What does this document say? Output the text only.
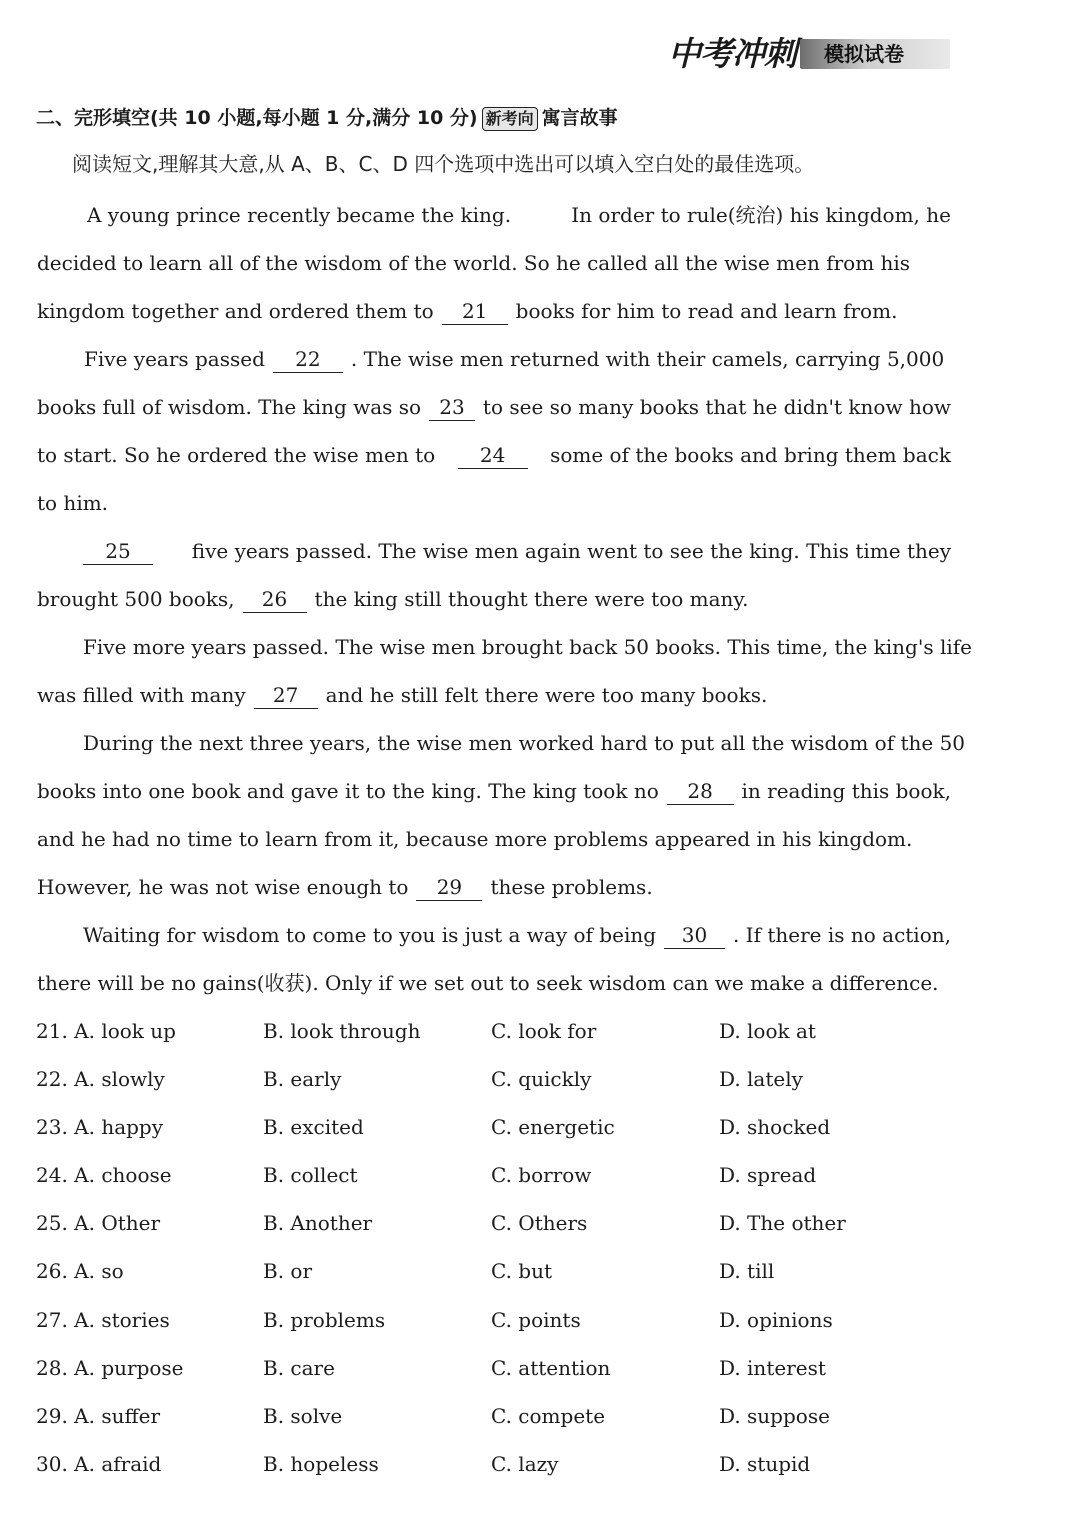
中考冲刺	模拟试卷
二、完形填空(共 10 小题,每小题 1 分,满分 10 分) 新考向 寓言故事
阅读短文,理解其大意,从 A、B、C、D 四个选项中选出可以填入空白处的最佳选项。
A young prince recently became the king.	In order to rule(统治) his kingdom, he
decided to learn all of the wisdom of the world. So he called all the wise men from his
kingdom together and ordered them to	21	books for him to read and learn from.
Five years passed	22	. The wise men returned with their camels, carrying 5,000
books full of wisdom. The king was so 23 to see so many books that he didn't know how
to start. So he ordered the wise men to	24	some of the books and bring them back
to him.
25	five years passed. The wise men again went to see the king. This time they
brought 500 books,	26	the king still thought there were too many.
Five more years passed. The wise men brought back 50 books. This time, the king's life
was filled with many	27	and he still felt there were too many books.
During the next three years, the wise men worked hard to put all the wisdom of the 50
books into one book and gave it to the king. The king took no	28	in reading this book,
and he had no time to learn from it, because more problems appeared in his kingdom.
However, he was not wise enough to	29	these problems.
Waiting for wisdom to come to you is just a way of being	30	. If there is no action,
there will be no gains(收获). Only if we set out to seek wisdom can we make a difference.
21. A. look up	B. look through	C. look for	D. look at
22. A. slowly	B. early	C. quickly	D. lately
23. A. happy	B. excited	C. energetic	D. shocked
24. A. choose	B. collect	C. borrow	D. spread
25. A. Other	B. Another	C. Others	D. The other
26. A. so	B. or	C. but	D. till
27. A. stories	B. problems	C. points	D. opinions
28. A. purpose	B. care	C. attention	D. interest
29. A. suffer	B. solve	C. compete	D. suppose
30. A. afraid	B. hopeless	C. lazy	D. stupid
